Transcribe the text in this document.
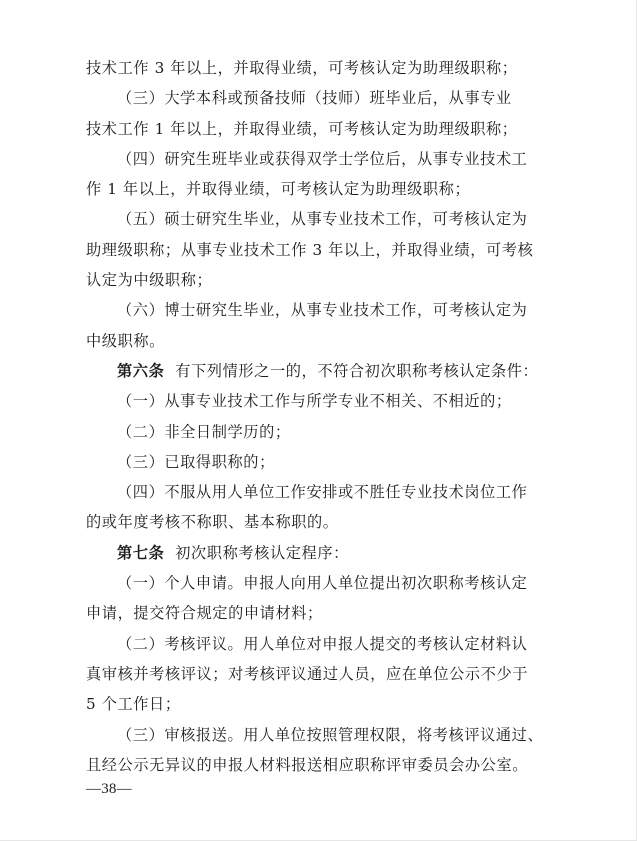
技术工作 3 年以上，并取得业绩，可考核认定为助理级职称；
（三）大学本科或预备技师（技师）班毕业后，从事专业
技术工作 1 年以上，并取得业绩，可考核认定为助理级职称；
（四）研究生班毕业或获得双学士学位后，从事专业技术工
作 1 年以上，并取得业绩，可考核认定为助理级职称；
（五）硕士研究生毕业，从事专业技术工作，可考核认定为
助理级职称；从事专业技术工作 3 年以上，并取得业绩，可考核
认定为中级职称；
（六）博士研究生毕业，从事专业技术工作，可考核认定为
中级职称。
第六条 有下列情形之一的，不符合初次职称考核认定条件：
（一）从事专业技术工作与所学专业不相关、不相近的；
（二）非全日制学历的；
（三）已取得职称的；
（四）不服从用人单位工作安排或不胜任专业技术岗位工作
的或年度考核不称职、基本称职的。
第七条 初次职称考核认定程序：
（一）个人申请。申报人向用人单位提出初次职称考核认定
申请，提交符合规定的申请材料；
（二）考核评议。用人单位对申报人提交的考核认定材料认
真审核并考核评议；对考核评议通过人员，应在单位公示不少于
5 个工作日；
（三）审核报送。用人单位按照管理权限，将考核评议通过、
且经公示无异议的申报人材料报送相应职称评审委员会办公室。
—38—
